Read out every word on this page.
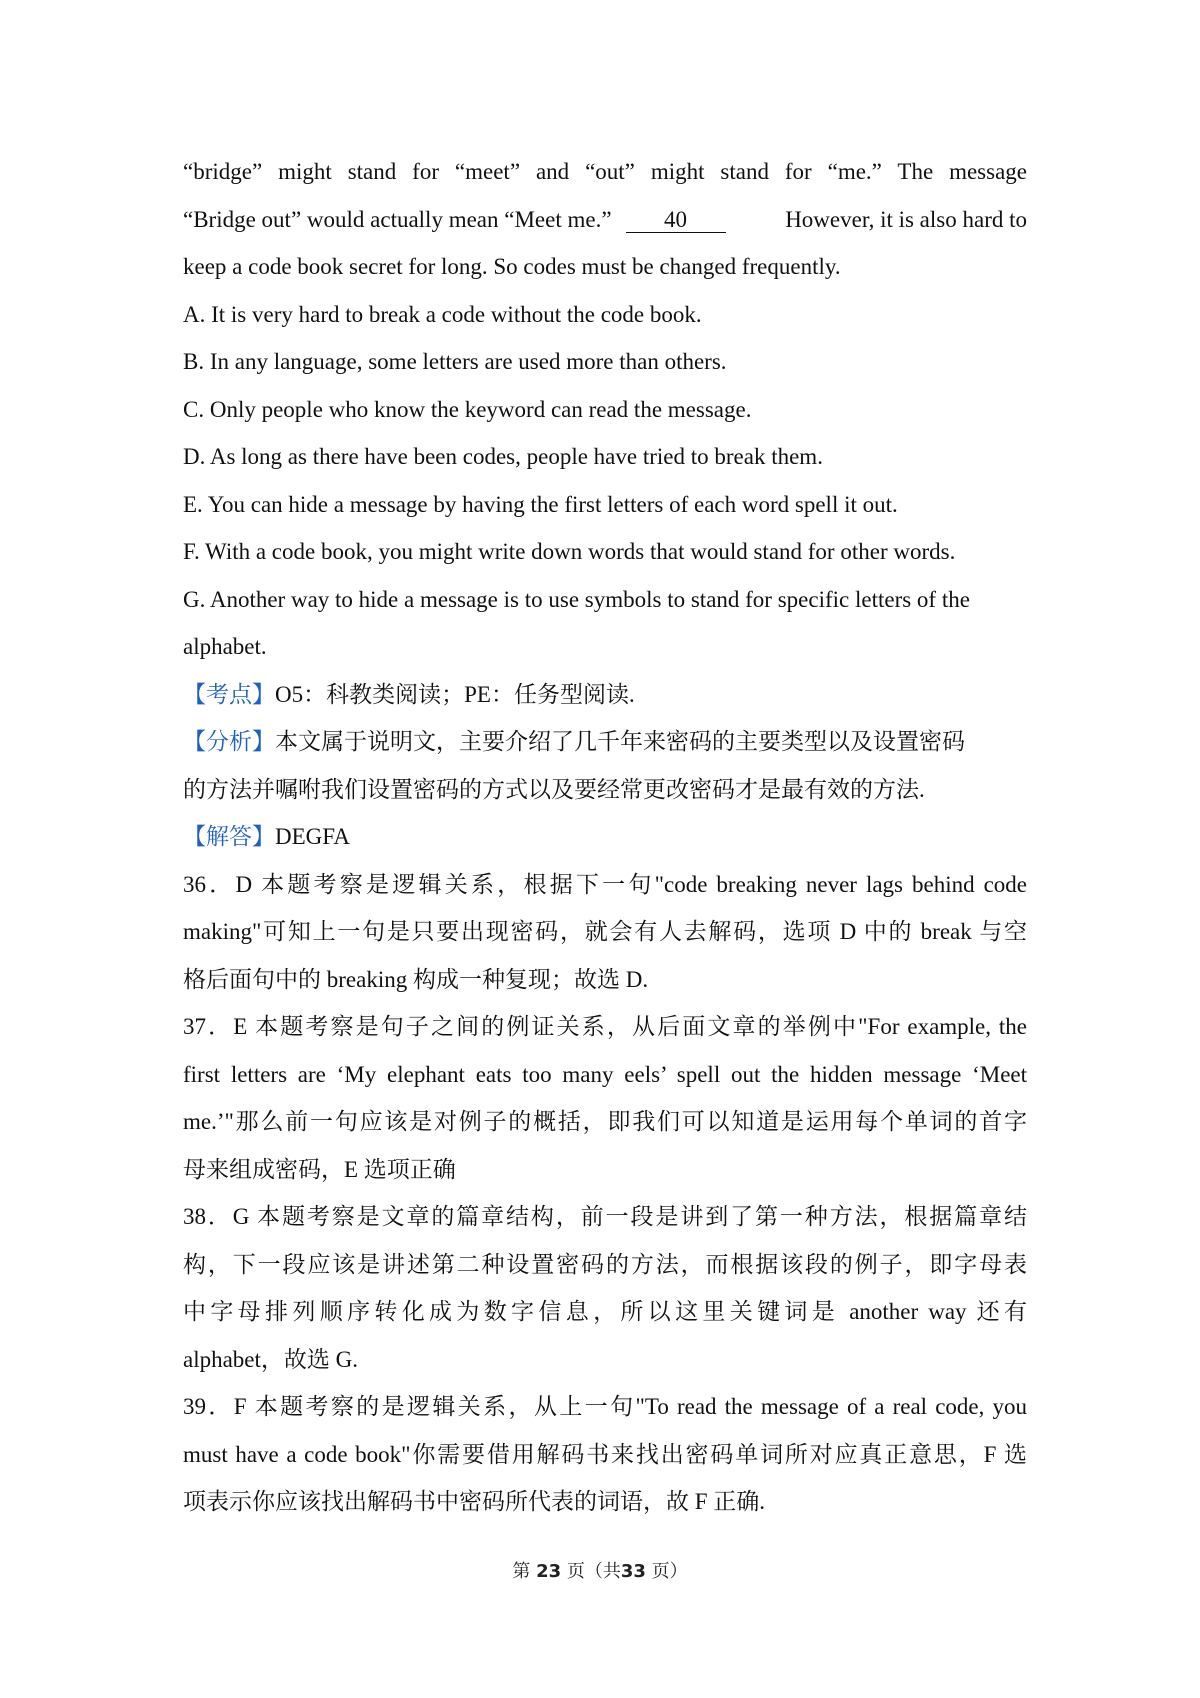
“bridge” might stand for “meet” and “out” might stand for “me.” The message
“Bridge out” would actually mean “Meet me.” 40	However, it is also hard to
keep a code book secret for long. So codes must be changed frequently.
A. It is very hard to break a code without the code book.
B. In any language, some letters are used more than others.
C. Only people who know the keyword can read the message.
D. As long as there have been codes, people have tried to break them.
E. You can hide a message by having the first letters of each word spell it out.
F. With a code book, you might write down words that would stand for other words.
G. Another way to hide a message is to use symbols to stand for specific letters of the
alphabet.
【考点】O5：科教类阅读；PE：任务型阅读.
【分析】本文属于说明文，主要介绍了几千年来密码的主要类型以及设置密码
的方法并嘱咐我们设置密码的方式以及要经常更改密码才是最有效的方法.
【解答】DEGFA
36．D 本题考察是逻辑关系，根据下一句"code breaking never lags behind code
making"可知上一句是只要出现密码，就会有人去解码，选项 D 中的 break 与空
格后面句中的 breaking 构成一种复现；故选 D.
37．E 本题考察是句子之间的例证关系，从后面文章的举例中"For example, the
first letters are ‘My elephant eats too many eels’ spell out the hidden message ‘Meet
me.’"那么前一句应该是对例子的概括，即我们可以知道是运用每个单词的首字
母来组成密码，E 选项正确
38．G 本题考察是文章的篇章结构，前一段是讲到了第一种方法，根据篇章结
构，下一段应该是讲述第二种设置密码的方法，而根据该段的例子，即字母表
中字母排列顺序转化成为数字信息，所以这里关键词是 another way 还有
alphabet，故选 G.
39．F 本题考察的是逻辑关系，从上一句"To read the message of a real code, you
must have a code book"你需要借用解码书来找出密码单词所对应真正意思，F 选
项表示你应该找出解码书中密码所代表的词语，故 F 正确.
第 23 页（共33 页）
